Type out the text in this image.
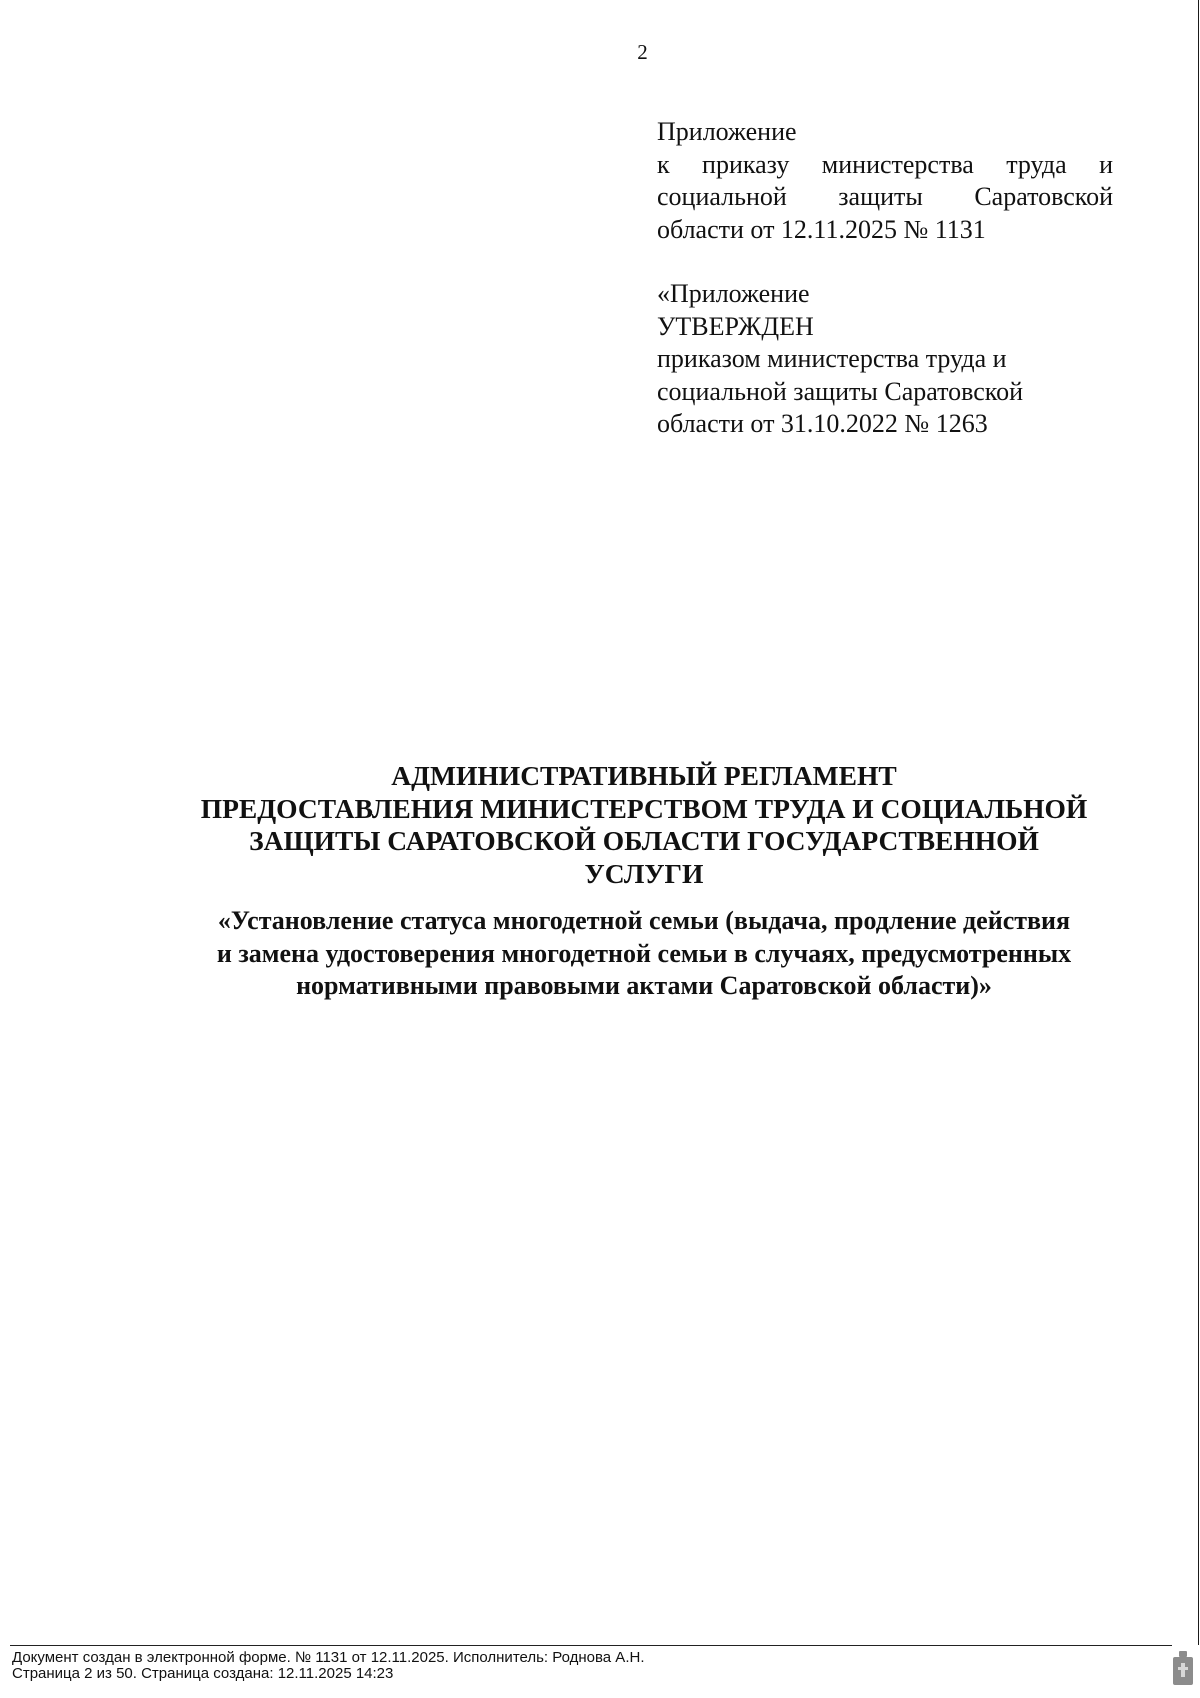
2
Приложение
к приказу министерства труда и
социальной защиты Саратовской
области от 12.11.2025 № 1131
«Приложение
УТВЕРЖДЕН
приказом министерства труда и
социальной защиты Саратовской
области от 31.10.2022 № 1263
АДМИНИСТРАТИВНЫЙ РЕГЛАМЕНТ
ПРЕДОСТАВЛЕНИЯ МИНИСТЕРСТВОМ ТРУДА И СОЦИАЛЬНОЙ
ЗАЩИТЫ САРАТОВСКОЙ ОБЛАСТИ ГОСУДАРСТВЕННОЙ
УСЛУГИ
«Установление статуса многодетной семьи (выдача, продление действия
и замена удостоверения многодетной семьи в случаях, предусмотренных
нормативными правовыми актами Саратовской области)»
Документ создан в электронной форме. № 1131 от 12.11.2025. Исполнитель: Роднова А.Н.
Страница 2 из 50. Страница создана: 12.11.2025 14:23
